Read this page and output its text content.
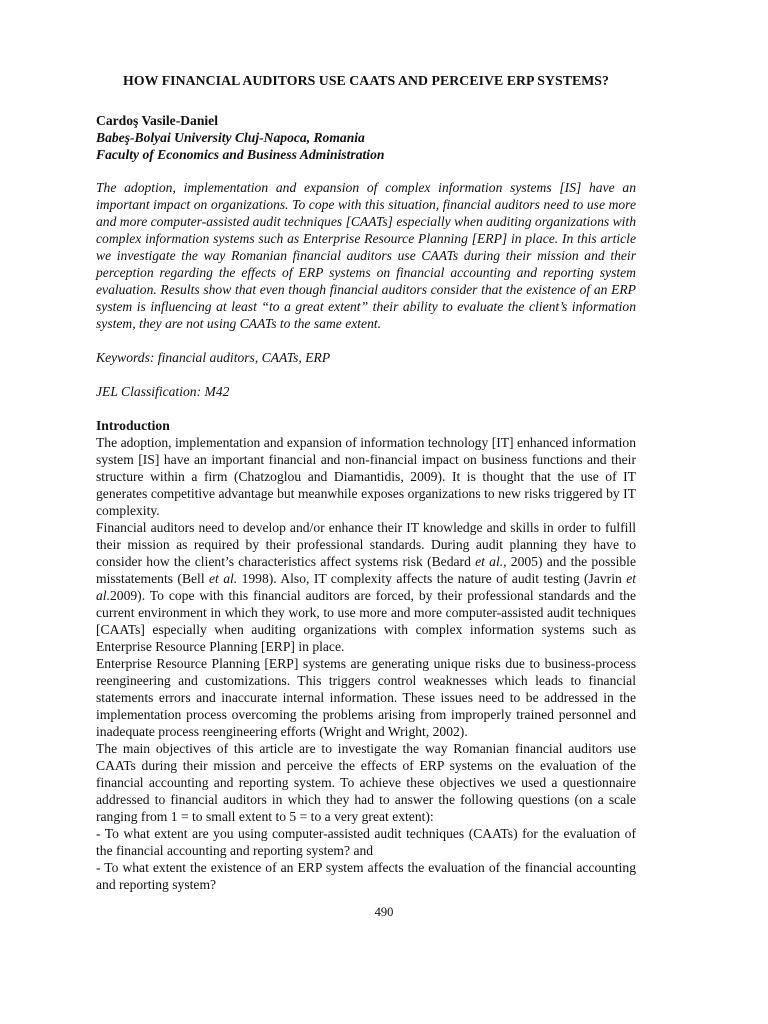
HOW FINANCIAL AUDITORS USE CAATS AND PERCEIVE ERP SYSTEMS?

Cardoş Vasile-Daniel
Babeş-Bolyai University Cluj-Napoca, Romania
Faculty of Economics and Business Administration

The adoption, implementation and expansion of complex information systems [IS] have an important impact on organizations. To cope with this situation, financial auditors need to use more and more computer-assisted audit techniques [CAATs] especially when auditing organizations with complex information systems such as Enterprise Resource Planning [ERP] in place. In this article we investigate the way Romanian financial auditors use CAATs during their mission and their perception regarding the effects of ERP systems on financial accounting and reporting system evaluation. Results show that even though financial auditors consider that the existence of an ERP system is influencing at least “to a great extent” their ability to evaluate the client’s information system, they are not using CAATs to the same extent.

Keywords: financial auditors, CAATs, ERP

JEL Classification: M42

Introduction

The adoption, implementation and expansion of information technology [IT] enhanced information system [IS] have an important financial and non-financial impact on business functions and their structure within a firm (Chatzoglou and Diamantidis, 2009). It is thought that the use of IT generates competitive advantage but meanwhile exposes organizations to new risks triggered by IT complexity.

Financial auditors need to develop and/or enhance their IT knowledge and skills in order to fulfill their mission as required by their professional standards. During audit planning they have to consider how the client’s characteristics affect systems risk (Bedard et al., 2005) and the possible misstatements (Bell et al. 1998). Also, IT complexity affects the nature of audit testing (Javrin et al.2009). To cope with this financial auditors are forced, by their professional standards and the current environment in which they work, to use more and more computer-assisted audit techniques [CAATs] especially when auditing organizations with complex information systems such as Enterprise Resource Planning [ERP] in place.

Enterprise Resource Planning [ERP] systems are generating unique risks due to business-process reengineering and customizations. This triggers control weaknesses which leads to financial statements errors and inaccurate internal information. These issues need to be addressed in the implementation process overcoming the problems arising from improperly trained personnel and inadequate process reengineering efforts (Wright and Wright, 2002).

The main objectives of this article are to investigate the way Romanian financial auditors use CAATs during their mission and perceive the effects of ERP systems on the evaluation of the financial accounting and reporting system. To achieve these objectives we used a questionnaire addressed to financial auditors in which they had to answer the following questions (on a scale ranging from 1 = to small extent to 5 = to a very great extent):

- To what extent are you using computer-assisted audit techniques (CAATs) for the evaluation of the financial accounting and reporting system? and

- To what extent the existence of an ERP system affects the evaluation of the financial accounting and reporting system?

490
